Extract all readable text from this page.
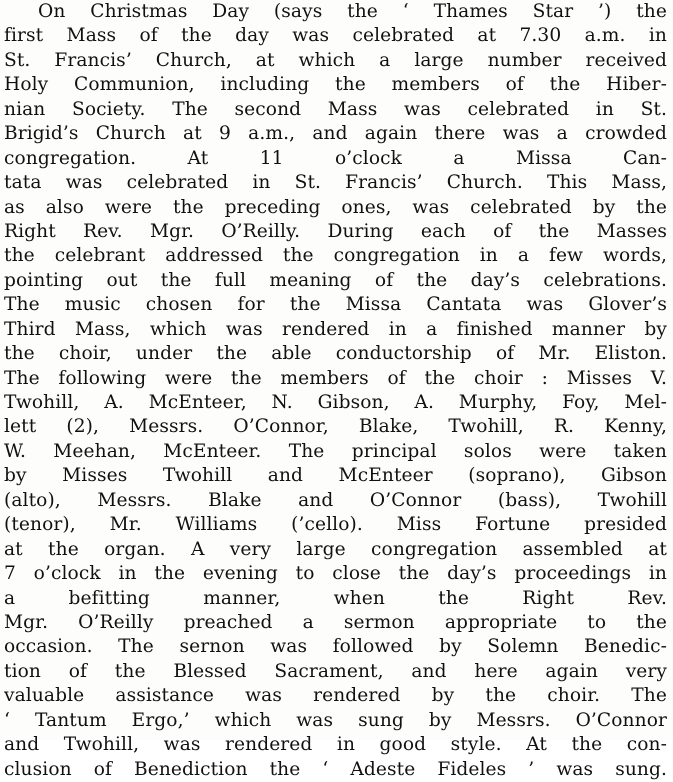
On Christmas Day (says the ‘ Thames Star ’) the
first Mass of the day was celebrated at 7.30 a.m. in
St. Francis’ Church, at which a large number received
Holy Communion, including the members of the Hiber-
nian Society. The second Mass was celebrated in St.
Brigid’s Church at 9 a.m., and again there was a crowded
congregation. At 11 o’clock a Missa Can-
tata was celebrated in St. Francis’ Church. This Mass,
as also were the preceding ones, was celebrated by the
Right Rev. Mgr. O’Reilly. During each of the Masses
the celebrant addressed the congregation in a few words,
pointing out the full meaning of the day’s celebrations.
The music chosen for the Missa Cantata was Glover’s
Third Mass, which was rendered in a finished manner by
the choir, under the able conductorship of Mr. Eliston.
The following were the members of the choir : Misses V.
Twohill, A. McEnteer, N. Gibson, A. Murphy, Foy, Mel-
lett (2), Messrs. O’Connor, Blake, Twohill, R. Kenny,
W. Meehan, McEnteer. The principal solos were taken
by Misses Twohill and McEnteer (soprano), Gibson
(alto), Messrs. Blake and O’Connor (bass), Twohill
(tenor), Mr. Williams (’cello). Miss Fortune presided
at the organ. A very large congregation assembled at
7 o’clock in the evening to close the day’s proceedings in
a befitting manner, when the Right Rev.
Mgr. O’Reilly preached a sermon appropriate to the
occasion. The sernon was followed by Solemn Benedic-
tion of the Blessed Sacrament, and here again very
valuable assistance was rendered by the choir. The
‘ Tantum Ergo,’ which was sung by Messrs. O’Connor
and Twohill, was rendered in good style. At the con-
clusion of Benediction the ‘ Adeste Fideles ’ was sung.
